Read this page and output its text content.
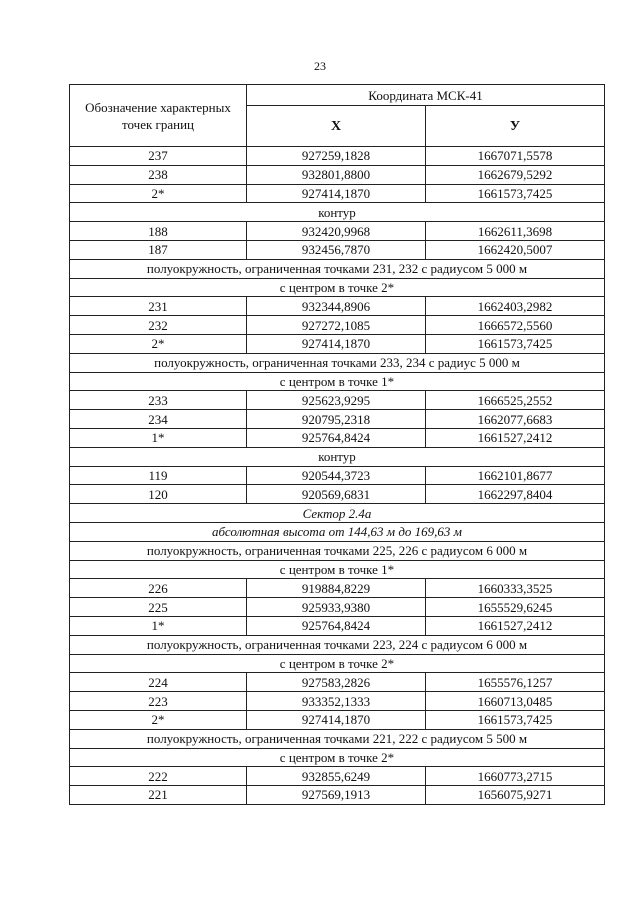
23
Обозначение характерных точек границ	Координата МСК-41	
	X	У
237	927259,1828	1667071,5578
238	932801,8800	1662679,5292
2*	927414,1870	1661573,7425
контур		
188	932420,9968	1662611,3698
187	932456,7870	1662420,5007
полуокружность, ограниченная точками 231, 232 с радиусом 5 000 м		
с центром в точке 2*		
231	932344,8906	1662403,2982
232	927272,1085	1666572,5560
2*	927414,1870	1661573,7425
полуокружность, ограниченная точками 233, 234 с радиус 5 000 м		
с центром в точке 1*		
233	925623,9295	1666525,2552
234	920795,2318	1662077,6683
1*	925764,8424	1661527,2412
контур		
119	920544,3723	1662101,8677
120	920569,6831	1662297,8404
Сектор 2.4а		
абсолютная высота от 144,63 м до 169,63 м		
полуокружность, ограниченная точками 225, 226 с радиусом 6 000 м		
с центром в точке 1*		
226	919884,8229	1660333,3525
225	925933,9380	1655529,6245
1*	925764,8424	1661527,2412
полуокружность, ограниченная точками 223, 224 с радиусом 6 000 м		
с центром в точке 2*		
224	927583,2826	1655576,1257
223	933352,1333	1660713,0485
2*	927414,1870	1661573,7425
полуокружность, ограниченная точками 221, 222 с радиусом 5 500 м		
с центром в точке 2*		
222	932855,6249	1660773,2715
221	927569,1913	1656075,9271
